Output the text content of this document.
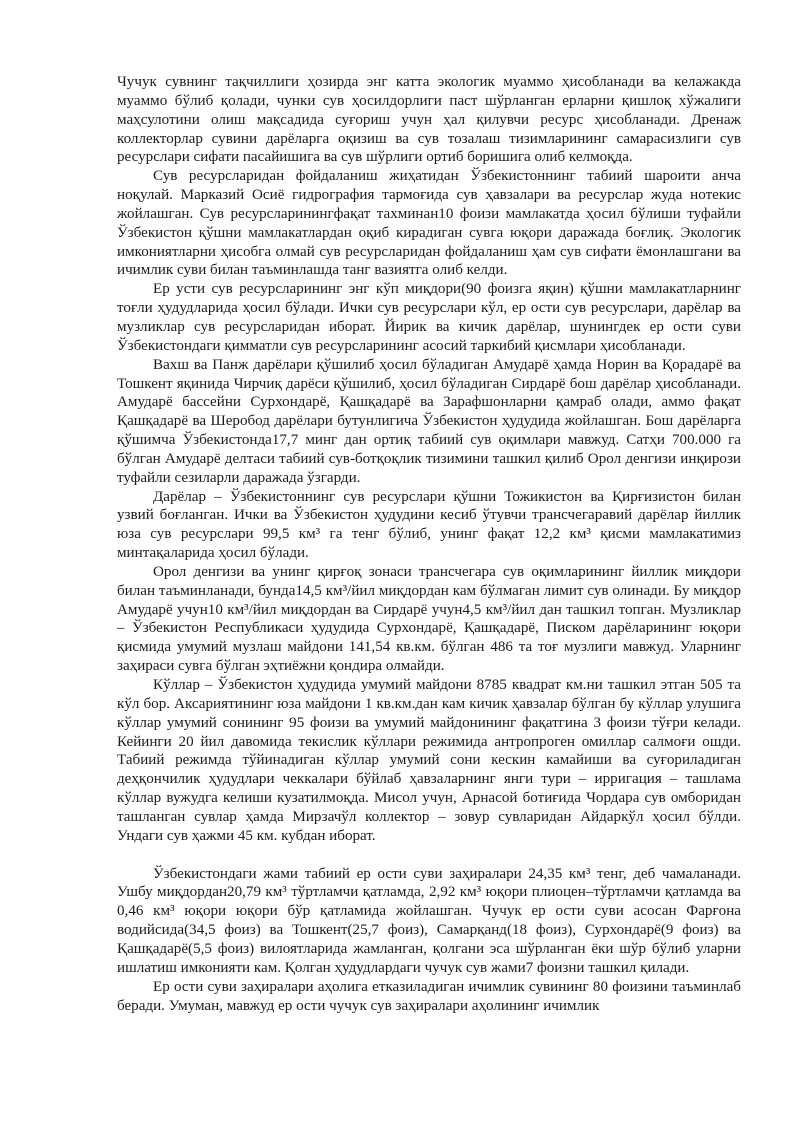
Чучук сувнинг тақчиллиги ҳозирда энг катта экологик муаммо ҳисобланади ва келажакда муаммо бўлиб қолади, чунки сув ҳосилдорлиги паст шўрланган ерларни қишлоқ хўжалиги маҳсулотини олиш мақсадида суғориш учун ҳал қилувчи ресурс ҳисобланади. Дренаж коллекторлар сувини дарёларга оқизиш ва сув тозалаш тизимларининг самарасизлиги сув ресурслари сифати пасайишига ва сув шўрлиги ортиб боришига олиб келмоқда.

Сув ресурсларидан фойдаланиш жиҳатидан Ўзбекистоннинг табиий шароити анча ноқулай. Марказий Осиё гидрография тармоғида сув ҳавзалари ва ресурслар жуда нотекис жойлашган. Сув ресурсларинингфақат тахминан10 фоизи мамлакатда ҳосил бўлиши туфайли Ўзбекистон қўшни мамлакатлардан оқиб кирадиган сувга юқори даражада боғлиқ. Экологик имкониятларни ҳисобга олмай сув ресурсларидан фойдаланиш ҳам сув сифати ёмонлашгани ва ичимлик суви билан таъминлашда танг вазиятга олиб келди.

Ер усти сув ресурсларининг энг кўп миқдори(90 фоизга яқин) қўшни мамлакатларнинг тоғли ҳудудларида ҳосил бўлади. Ички сув ресурслари кўл, ер ости сув ресурслари, дарёлар ва музликлар сув ресурсларидан иборат. Йирик ва кичик дарёлар, шунингдек ер ости суви Ўзбекистондаги қимматли сув ресурсларининг асосий таркибий қисмлари ҳисобланади.

Вахш ва Панж дарёлари қўшилиб ҳосил бўладиган Амударё ҳамда Норин ва Қорадарё ва Тошкент яқинида Чирчиқ дарёси қўшилиб, ҳосил бўладиган Сирдарё бош дарёлар ҳисобланади. Амударё бассейни Сурхондарё, Қашқадарё ва Зарафшонларни қамраб олади, аммо фақат Қашқадарё ва Шеробод дарёлари бутунлигича Ўзбекистон ҳудудида жойлашган. Бош дарёларга қўшимча Ўзбекистонда17,7 минг дан ортиқ табиий сув оқимлари мавжуд. Сатҳи 700.000 га бўлган Амударё делтаси табиий сув-ботқоқлик тизимини ташкил қилиб Орол денгизи инқирози туфайли сезиларли даражада ўзгарди.

Дарёлар – Ўзбекистоннинг сув ресурслари қўшни Тожикистон ва Қирғизистон билан узвий боғланган. Ички ва Ўзбекистон ҳудудини кесиб ўтувчи трансчегаравий дарёлар йиллик юза сув ресурслари 99,5 км³ га тенг бўлиб, унинг фақат 12,2 км³ қисми мамлакатимиз минтақаларида ҳосил бўлади.

Орол денгизи ва унинг қирғоқ зонаси трансчегара сув оқимларининг йиллик миқдори билан таъминланади, бунда14,5 км³/йил миқдордан кам бўлмаган лимит сув олинади. Бу миқдор Амударё учун10 км³/йил миқдордан ва Сирдарё учун4,5 км³/йил дан ташкил топган. Музликлар – Ўзбекистон Республикаси ҳудудида Сурхондарё, Қашқадарё, Писком дарёларининг юқори қисмида умумий музлаш майдони 141,54 кв.км. бўлган 486 та тоғ музлиги мавжуд. Уларнинг заҳираси сувга бўлган эҳтиёжни қондира олмайди.

Кўллар – Ўзбекистон ҳудудида умумий майдони 8785 квадрат км.ни ташкил этган 505 та кўл бор. Аксариятининг юза майдони 1 кв.км.дан кам кичик ҳавзалар бўлган бу кўллар улушига кўллар умумий сонининг 95 фоизи ва умумий майдонининг фақатгина 3 фоизи тўғри келади. Кейинги 20 йил давомида текислик кўллари режимида антропроген омиллар салмоғи ошди. Табиий режимда тўйинадиган кўллар умумий сони кескин камайиши ва суғориладиган деҳқончилик ҳудудлари чеккалари бўйлаб ҳавзаларнинг янги тури – ирригация – ташлама кўллар вужудга келиши кузатилмоқда. Мисол учун, Арнасой ботиғида Чордара сув омборидан ташланган сувлар ҳамда Мирзачўл коллектор – зовур сувларидан Айдаркўл ҳосил бўлди. Ундаги сув ҳажми 45 км. кубдан иборат.

Ўзбекистондаги жами табиий ер ости суви заҳиралари 24,35 км³ тенг, деб чамаланади. Ушбу миқдордан20,79 км³ тўртламчи қатламда, 2,92 км³ юқори плиоцен–тўртламчи қатламда ва 0,46 км³ юқори юқори бўр қатламида жойлашган. Чучук ер ости суви асосан Фарғона водийсида(34,5 фоиз) ва Тошкент(25,7 фоиз), Самарқанд(18 фоиз), Сурхондарё(9 фоиз) ва Қашқадарё(5,5 фоиз) вилоятларида жамланган, қолгани эса шўрланган ёки шўр бўлиб уларни ишлатиш имконияти кам. Қолган ҳудудлардаги чучук сув жами7 фоизни ташкил қилади.

Ер ости суви заҳиралари аҳолига етказиладиган ичимлик сувининг 80 фоизини таъминлаб беради. Умуман, мавжуд ер ости чучук сув заҳиралари аҳолининг ичимлик
